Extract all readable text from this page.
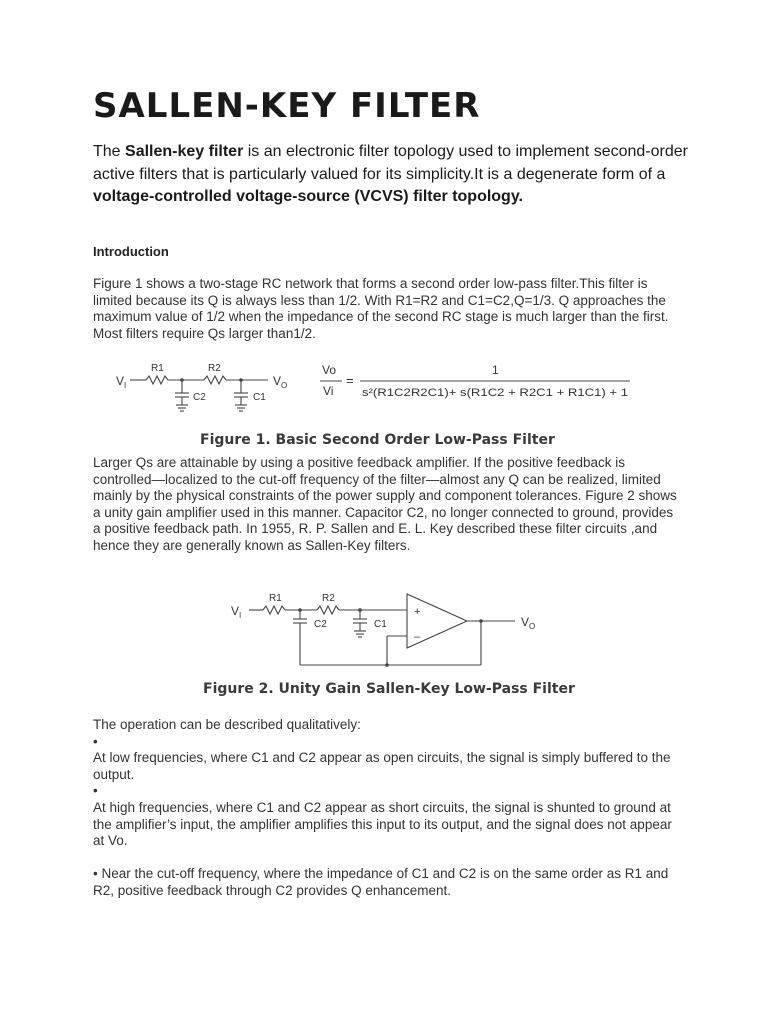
SALLEN-KEY FILTER

The Sallen-key filter is an electronic filter topology used to implement second-order active filters that is particularly valued for its simplicity.It is a degenerate form of a voltage-controlled voltage-source (VCVS) filter topology.

Introduction

Figure 1 shows a two-stage RC network that forms a second order low-pass filter.This filter is limited because its Q is always less than 1/2. With R1=R2 and C1=C2,Q=1/3. Q approaches the maximum value of 1/2 when the impedance of the second RC stage is much larger than the first. Most filters require Qs larger than1/2.

$V_I$
R1	R2
C2	C1
$V_O$
Vo
Vi
=
1
s²(R1C2R2C1)+ s(R1C2 + R2C1 + R1C1) + 1

Figure 1. Basic Second Order Low-Pass Filter

Larger Qs are attainable by using a positive feedback amplifier. If the positive feedback is controlled—localized to the cut-off frequency of the filter—almost any Q can be realized, limited mainly by the physical constraints of the power supply and component tolerances. Figure 2 shows a unity gain amplifier used in this manner. Capacitor C2, no longer connected to ground, provides a positive feedback path. In 1955, R. P. Sallen and E. L. Key described these filter circuits ,and hence they are generally known as Sallen-Key filters.

$V_I$
R1	R2
C2	C1
+
–
$V_O$

Figure 2. Unity Gain Sallen-Key Low-Pass Filter

The operation can be described qualitatively:
•
At low frequencies, where C1 and C2 appear as open circuits, the signal is simply buffered to the output.
•
At high frequencies, where C1 and C2 appear as short circuits, the signal is shunted to ground at the amplifier’s input, the amplifier amplifies this input to its output, and the signal does not appear at Vo.

• Near the cut-off frequency, where the impedance of C1 and C2 is on the same order as R1 and R2, positive feedback through C2 provides Q enhancement.
